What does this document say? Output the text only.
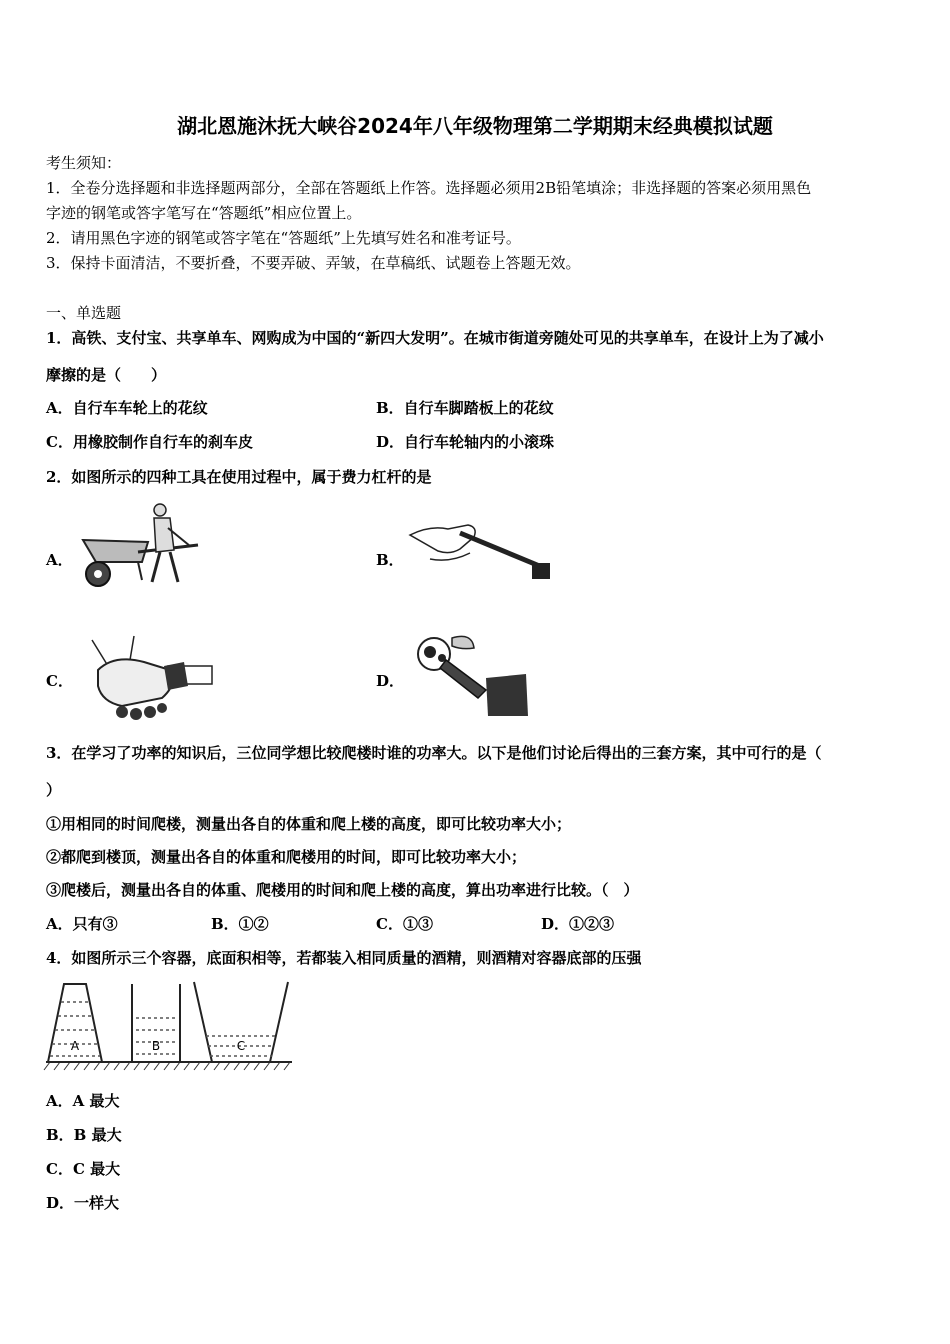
湖北恩施沐抚大峡谷2024年八年级物理第二学期期末经典模拟试题
考生须知：
1．全卷分选择题和非选择题两部分，全部在答题纸上作答。选择题必须用2B铅笔填涂；非选择题的答案必须用黑色
字迹的钢笔或答字笔写在“答题纸”相应位置上。
2．请用黑色字迹的钢笔或答字笔在“答题纸”上先填写姓名和准考证号。
3．保持卡面清洁，不要折叠，不要弄破、弄皱，在草稿纸、试题卷上答题无效。
一、单选题
1．高铁、支付宝、共享单车、网购成为中国的“新四大发明”。在城市街道旁随处可见的共享单车，在设计上为了减小
摩擦的是（　　）
A．自行车车轮上的花纹	B．自行车脚踏板上的花纹
C．用橡胶制作自行车的刹车皮	D．自行车轮轴内的小滚珠
2．如图所示的四种工具在使用过程中，属于费力杠杆的是
A．	B．
C．	D．
3．在学习了功率的知识后，三位同学想比较爬楼时谁的功率大。以下是他们讨论后得出的三套方案，其中可行的是（
）
①用相同的时间爬楼，测量出各自的体重和爬上楼的高度，即可比较功率大小；
②都爬到楼顶，测量出各自的体重和爬楼用的时间，即可比较功率大小；
③爬楼后，测量出各自的体重、爬楼用的时间和爬上楼的高度，算出功率进行比较。（　）
A．只有③	B．①②	C．①③	D．①②③
4．如图所示三个容器，底面积相等，若都装入相同质量的酒精，则酒精对容器底部的压强
A	B	C
A．A 最大
B．B 最大
C．C 最大
D．一样大
